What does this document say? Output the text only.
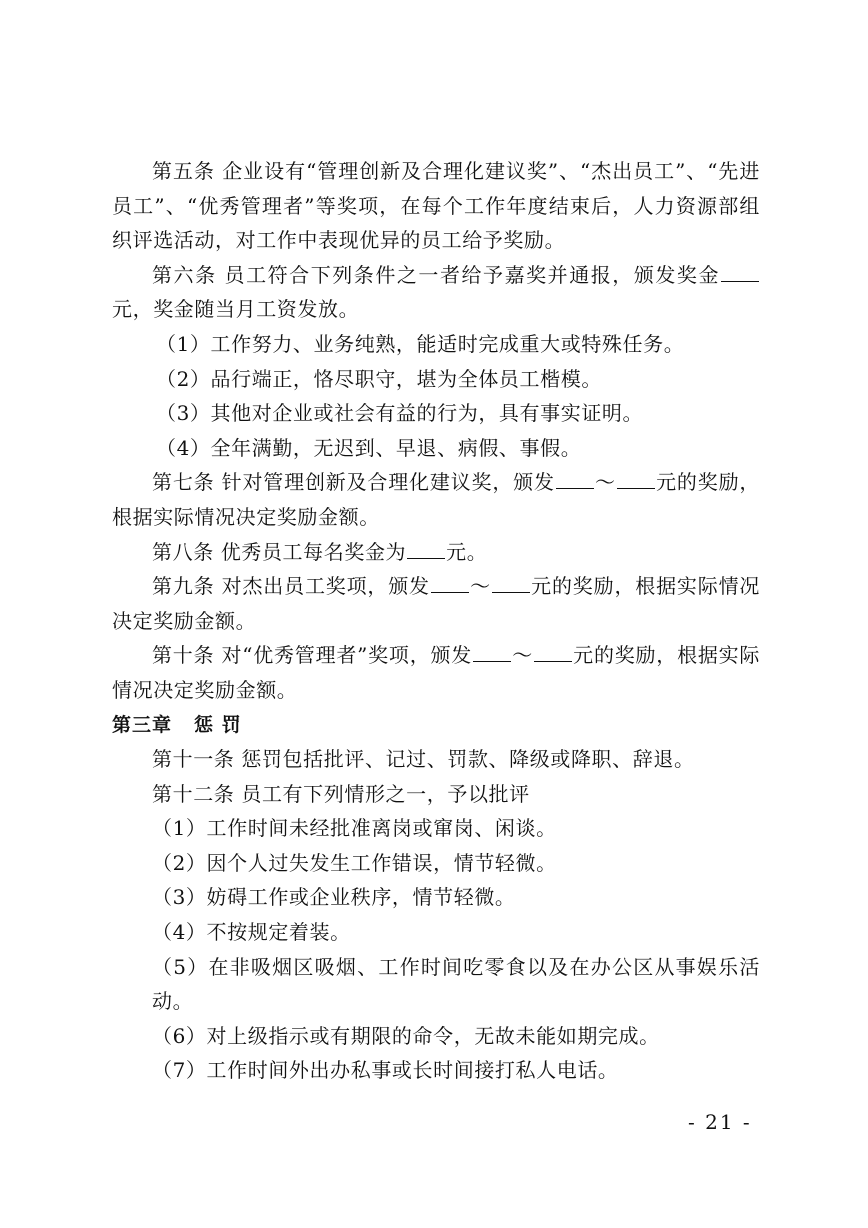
第五条 企业设有“管理创新及合理化建议奖”、“杰出员工”、“先进员工”、“优秀管理者”等奖项，在每个工作年度结束后，人力资源部组织评选活动，对工作中表现优异的员工给予奖励。

第六条 员工符合下列条件之一者给予嘉奖并通报，颁发奖金元，奖金随当月工资发放。

（1）工作努力、业务纯熟，能适时完成重大或特殊任务。

（2）品行端正，恪尽职守，堪为全体员工楷模。

（3）其他对企业或社会有益的行为，具有事实证明。

（4）全年满勤，无迟到、早退、病假、事假。

第七条 针对管理创新及合理化建议奖，颁发 ～ 元的奖励，根据实际情况决定奖励金额。

第八条 优秀员工每名奖金为 元。

第九条 对杰出员工奖项，颁发 ～ 元的奖励，根据实际情况决定奖励金额。

第十条 对“优秀管理者”奖项，颁发 ～ 元的奖励，根据实际情况决定奖励金额。

第三章 惩 罚

第十一条 惩罚包括批评、记过、罚款、降级或降职、辞退。

第十二条 员工有下列情形之一，予以批评

（1）工作时间未经批准离岗或窜岗、闲谈。

（2）因个人过失发生工作错误，情节轻微。

（3）妨碍工作或企业秩序，情节轻微。

（4）不按规定着装。

（5）在非吸烟区吸烟、工作时间吃零食以及在办公区从事娱乐活动。

（6）对上级指示或有期限的命令，无故未能如期完成。

（7）工作时间外出办私事或长时间接打私人电话。

- 21 -
